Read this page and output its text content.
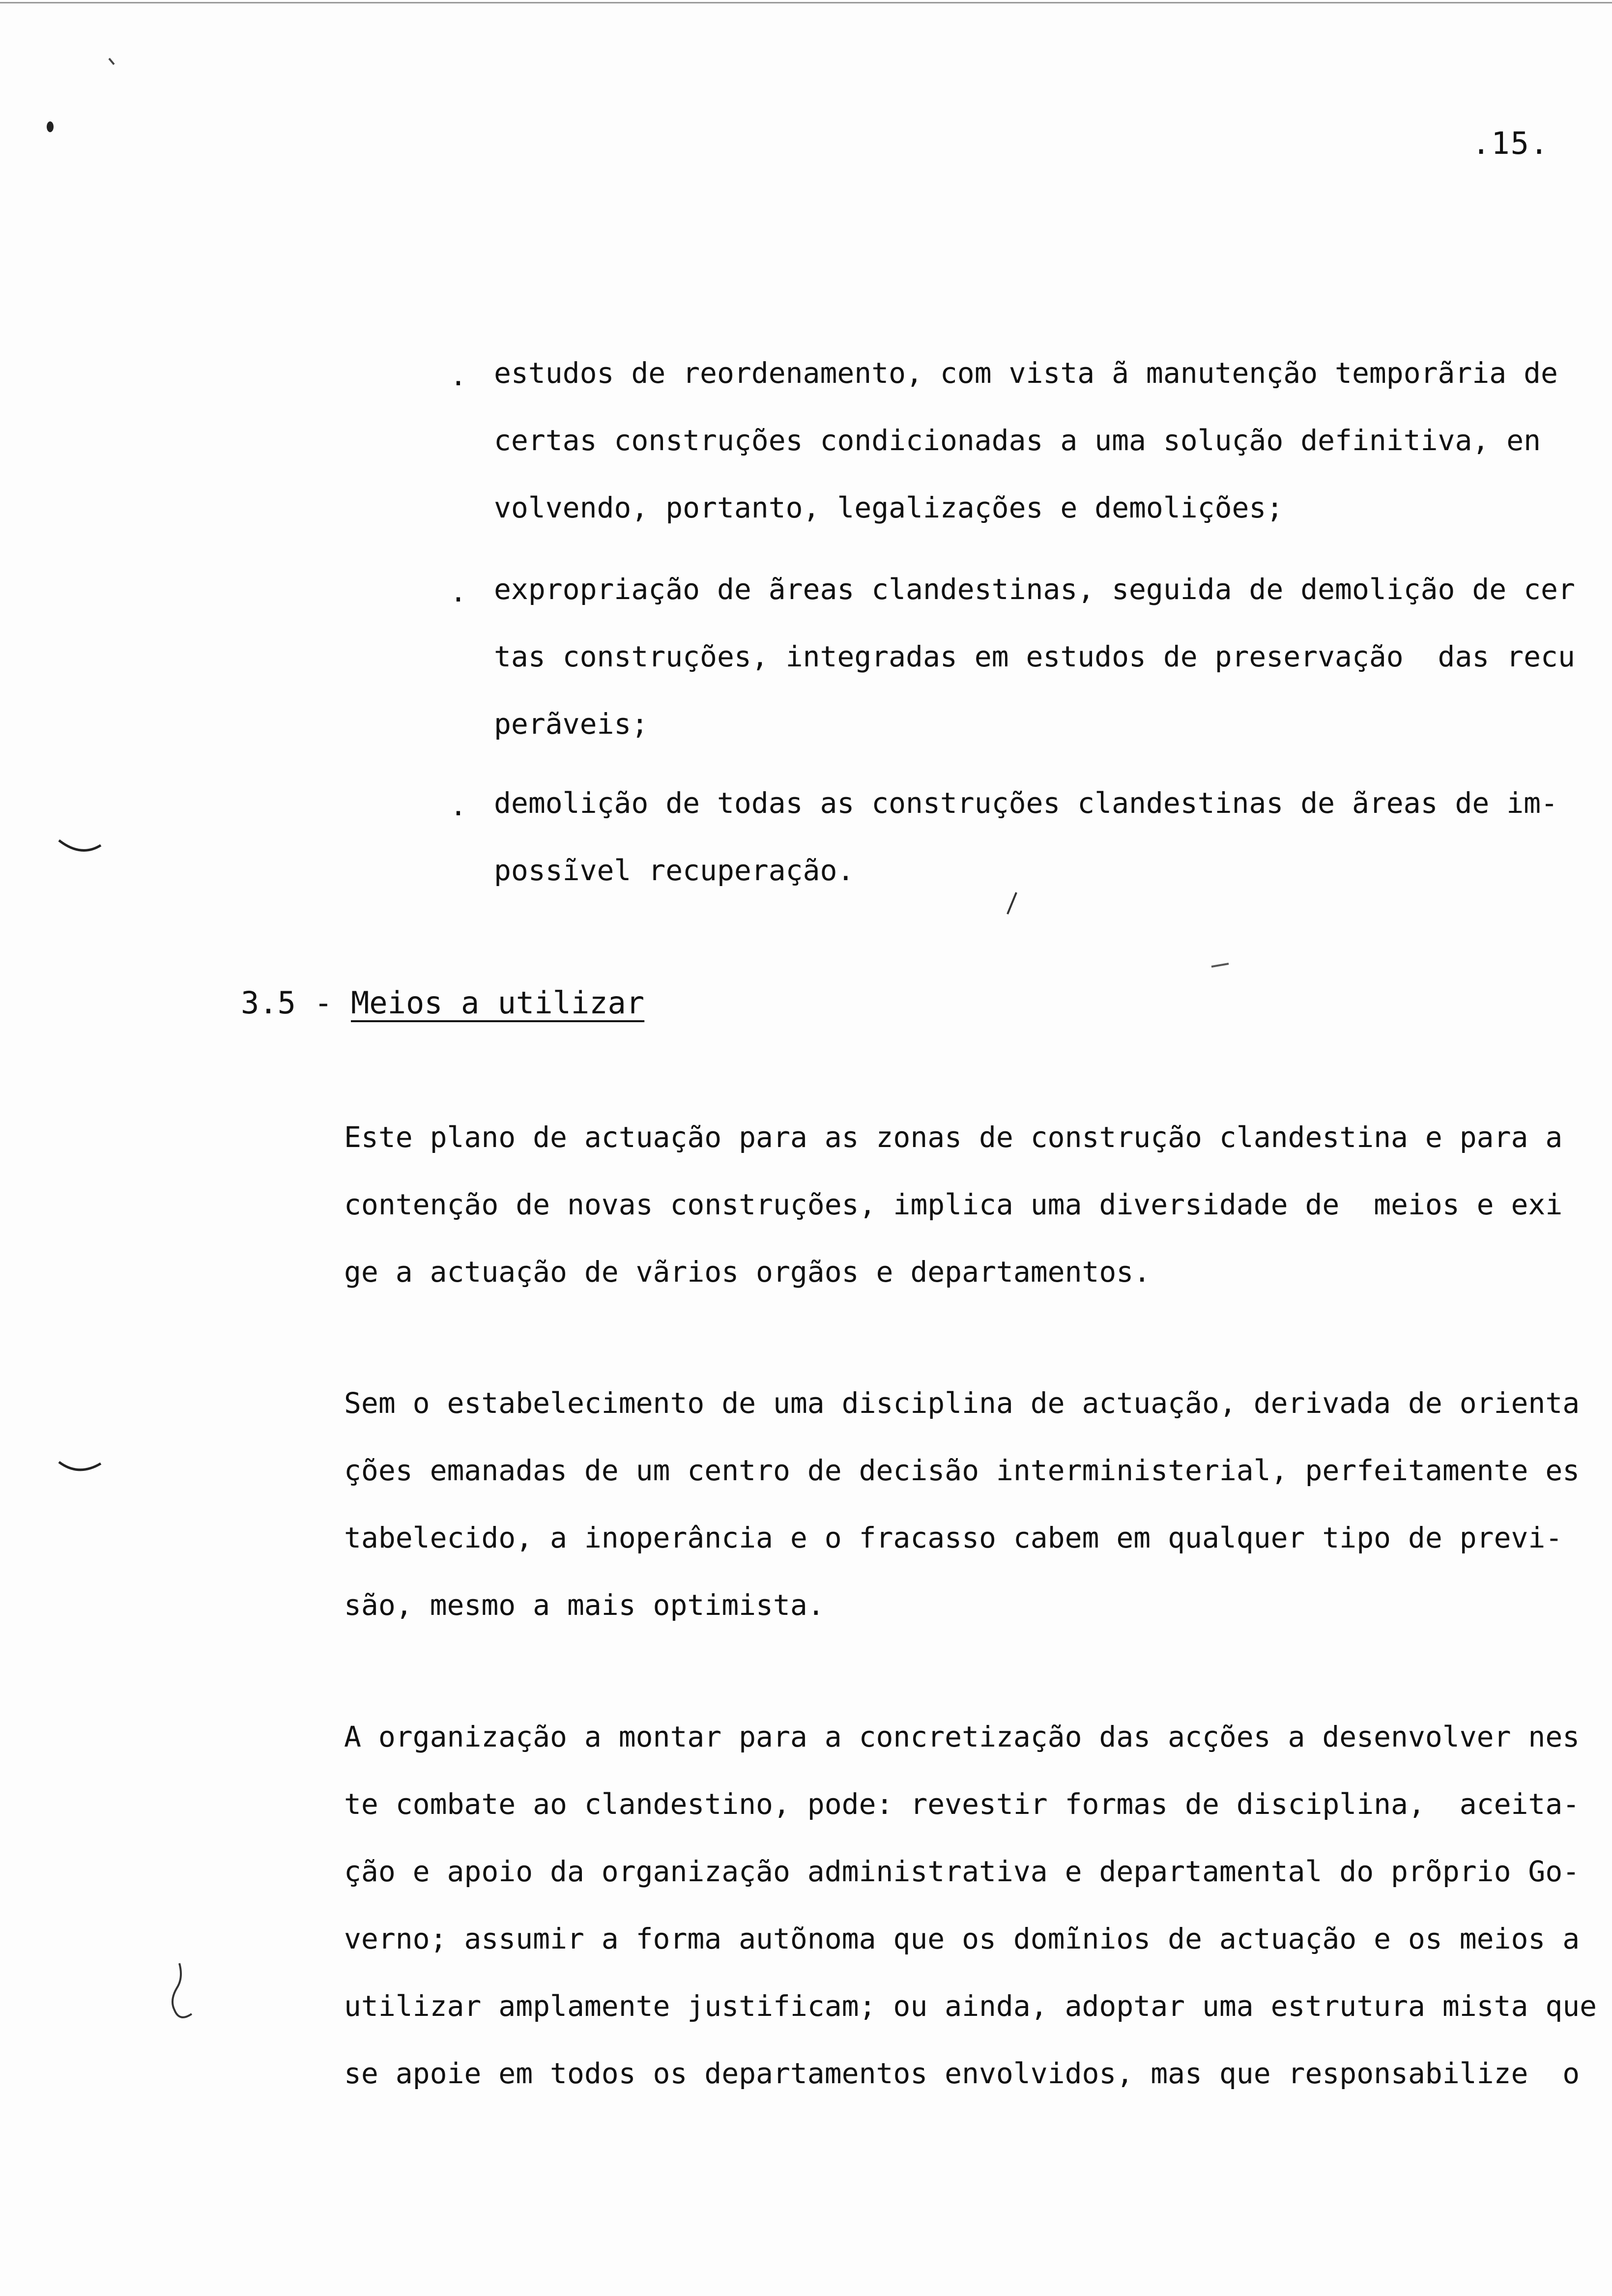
.15.
. estudos de reordenamento, com vista ã manutenção temporãria de
certas construções condicionadas a uma solução definitiva, en
volvendo, portanto, legalizações e demolições;
. expropriação de ãreas clandestinas, seguida de demolição de cer
tas construções, integradas em estudos de preservação  das recu
perãveis;
. demolição de todas as construções clandestinas de ãreas de im-
possĩvel recuperação.
3.5 - Meios a utilizar
Este plano de actuação para as zonas de construção clandestina e para a
contenção de novas construções, implica uma diversidade de  meios e exi
ge a actuação de vãrios orgãos e departamentos.
Sem o estabelecimento de uma disciplina de actuação, derivada de orienta
ções emanadas de um centro de decisão interministerial, perfeitamente es
tabelecido, a inoperância e o fracasso cabem em qualquer tipo de previ-
são, mesmo a mais optimista.
A organização a montar para a concretização das acções a desenvolver nes
te combate ao clandestino, pode: revestir formas de disciplina,  aceita-
ção e apoio da organização administrativa e departamental do prõprio Go-
verno; assumir a forma autõnoma que os domĩnios de actuação e os meios a
utilizar amplamente justificam; ou ainda, adoptar uma estrutura mista que
se apoie em todos os departamentos envolvidos, mas que responsabilize  o
